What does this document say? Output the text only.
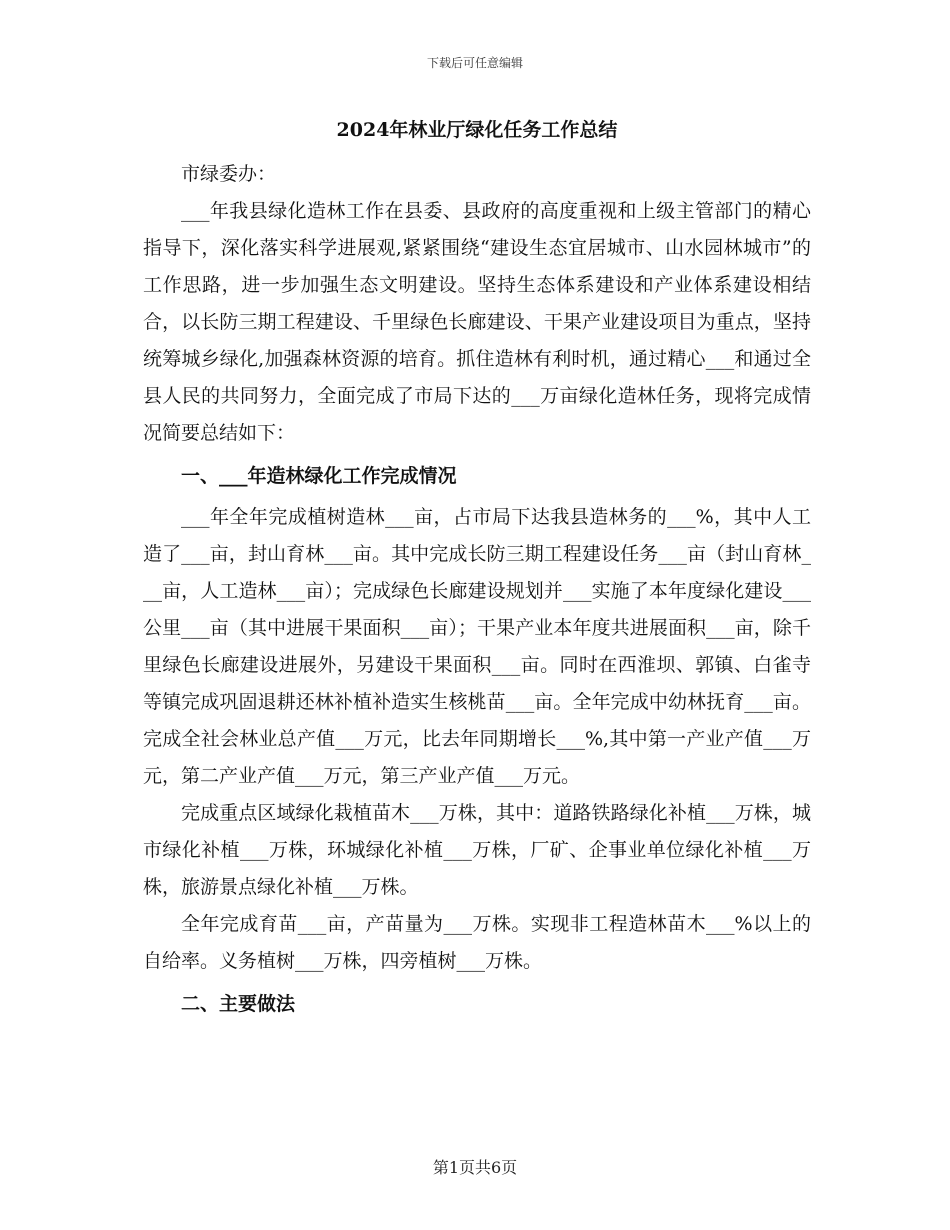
下载后可任意编辑
2024年林业厅绿化任务工作总结

市绿委办：

___年我县绿化造林工作在县委、县政府的高度重视和上级主管部门的精心指导下，深化落实科学进展观,紧紧围绕“建设生态宜居城市、山水园林城市”的工作思路，进一步加强生态文明建设。坚持生态体系建设和产业体系建设相结合，以长防三期工程建设、千里绿色长廊建设、干果产业建设项目为重点，坚持统筹城乡绿化,加强森林资源的培育。抓住造林有利时机，通过精心___和通过全县人民的共同努力，全面完成了市局下达的___万亩绿化造林任务，现将完成情况简要总结如下：

一、___年造林绿化工作完成情况

___年全年完成植树造林___亩，占市局下达我县造林务的___%，其中人工造了___亩，封山育林___亩。其中完成长防三期工程建设任务___亩（封山育林___亩，人工造林___亩）；完成绿色长廊建设规划并___实施了本年度绿化建设___公里___亩（其中进展干果面积___亩）；干果产业本年度共进展面积___亩，除千里绿色长廊建设进展外，另建设干果面积___亩。同时在西淮坝、郭镇、白雀寺等镇完成巩固退耕还林补植补造实生核桃苗___亩。全年完成中幼林抚育___亩。完成全社会林业总产值___万元，比去年同期增长___%,其中第一产业产值___万元，第二产业产值___万元，第三产业产值___万元。

完成重点区域绿化栽植苗木___万株，其中：道路铁路绿化补植___万株，城市绿化补植___万株，环城绿化补植___万株，厂矿、企事业单位绿化补植___万株，旅游景点绿化补植___万株。

全年完成育苗___亩，产苗量为___万株。实现非工程造林苗木___%以上的自给率。义务植树___万株，四旁植树___万株。

二、主要做法
第1页共6页
